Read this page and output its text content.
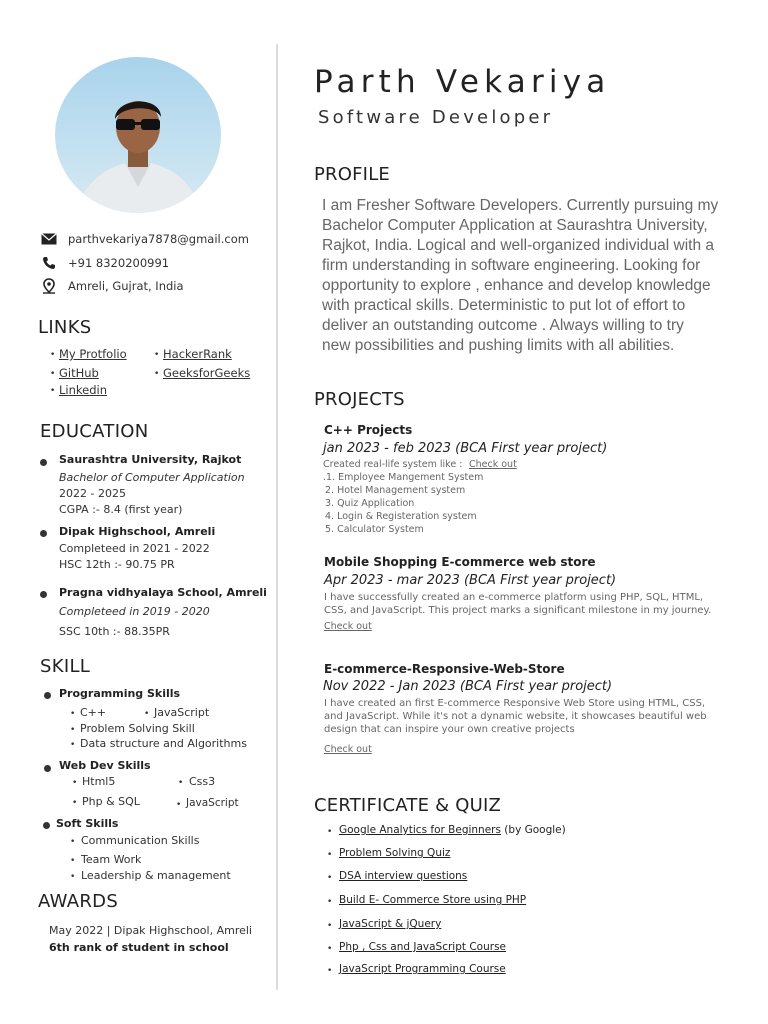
parthvekariya7878@gmail.com
+91 8320200991
Amreli, Gujrat, India
LINKS
• My Protfolio	• HackerRank
• GitHub	• GeeksforGeeks
• Linkedin
EDUCATION
Saurashtra University, Rajkot
Bachelor of Computer Application
2022 - 2025
CGPA :- 8.4 (first year)
Dipak Highschool, Amreli
Completeed in 2021 - 2022
HSC 12th :- 90.75 PR
Pragna vidhyalaya School, Amreli
Completeed in 2019 - 2020
SSC 10th :- 88.35PR
SKILL
Programming Skills
• C++	• JavaScript
• Problem Solving Skill
• Data structure and Algorithms
Web Dev Skills
• Html5	• Css3
• Php & SQL	• JavaScript
Soft Skills
• Communication Skills
• Team Work
• Leadership & management
AWARDS
May 2022 | Dipak Highschool, Amreli
6th rank of student in school
Parth Vekariya
Software Developer
PROFILE
I am Fresher Software Developers. Currently pursuing my
Bachelor Computer Application at Saurashtra University,
Rajkot, India. Logical and well-organized individual with a
firm understanding in software engineering. Looking for
opportunity to explore , enhance and develop knowledge
with practical skills. Deterministic to put lot of effort to
deliver an outstanding outcome . Always willing to try
new possibilities and pushing limits with all abilities.
PROJECTS
C++ Projects
jan 2023 - feb 2023 (BCA First year project)
Created real-life system like : Check out
.1. Employee Mangement System
2. Hotel Management system
3. Quiz Application
4. Login & Registeration system
5. Calculator System
Mobile Shopping E-commerce web store
Apr 2023 - mar 2023 (BCA First year project)
I have successfully created an e-commerce platform using PHP, SQL, HTML,
CSS, and JavaScript. This project marks a significant milestone in my journey.
Check out
E-commerce-Responsive-Web-Store
Nov 2022 - Jan 2023 (BCA First year project)
I have created an first E-commerce Responsive Web Store using HTML, CSS,
and JavaScript. While it's not a dynamic website, it showcases beautiful web
design that can inspire your own creative projects
Check out
CERTIFICATE & QUIZ
• Google Analytics for Beginners (by Google)
• Problem Solving Quiz
• DSA interview questions
• Build E- Commerce Store using PHP
• JavaScript & jQuery
• Php , Css and JavaScript Course
• JavaScript Programming Course
